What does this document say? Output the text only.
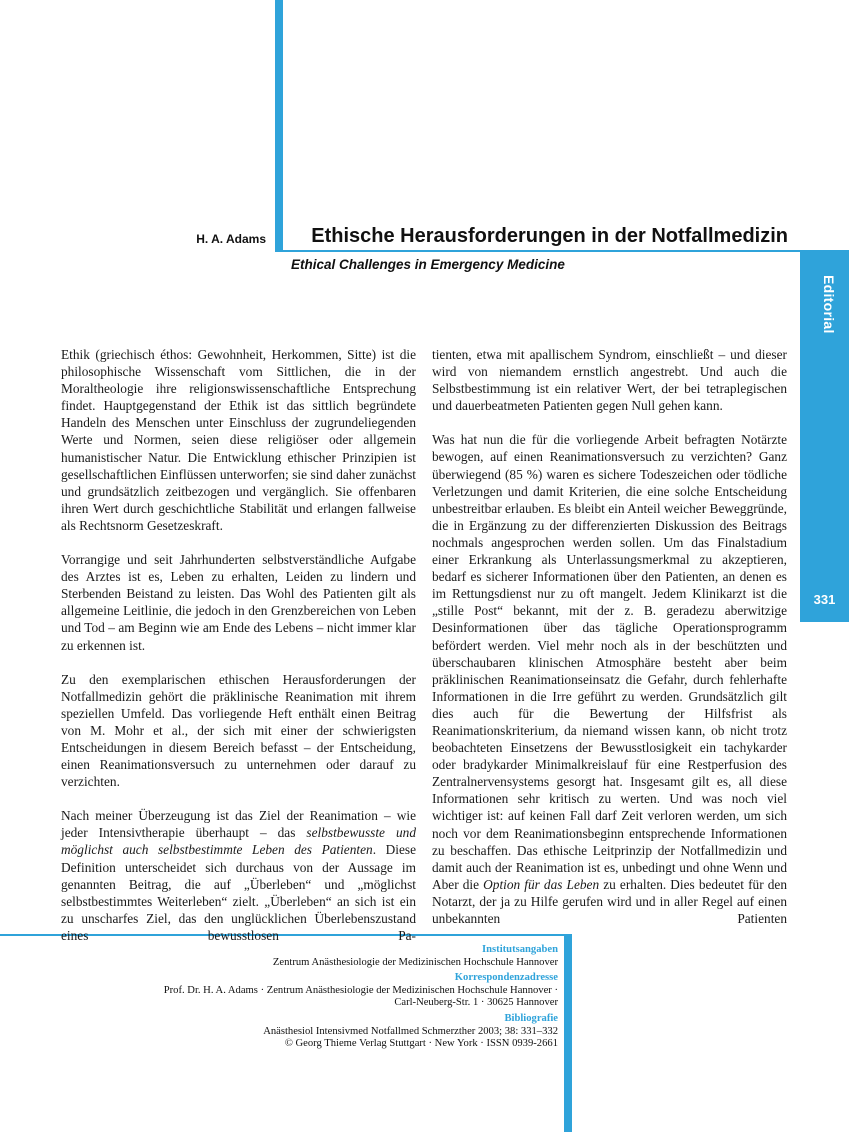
H. A. Adams Ethische Herausforderungen in der Notfallmedizin
Ethical Challenges in Emergency Medicine
Editorial
331

Ethik (griechisch éthos: Gewohnheit, Herkommen, Sitte) ist die philosophische Wissenschaft vom Sittlichen, die in der Moraltheologie ihre religionswissenschaftliche Entsprechung findet. Hauptgegenstand der Ethik ist das sittlich begründete Handeln des Menschen unter Einschluss der zugrundeliegenden Werte und Normen, seien diese religiöser oder allgemein humanistischer Natur. Die Entwicklung ethischer Prinzipien ist gesellschaftlichen Einflüssen unterworfen; sie sind daher zunächst und grundsätzlich zeitbezogen und vergänglich. Sie offenbaren ihren Wert durch geschichtliche Stabilität und erlangen fallweise als Rechtsnorm Gesetzeskraft.

Vorrangige und seit Jahrhunderten selbstverständliche Aufgabe des Arztes ist es, Leben zu erhalten, Leiden zu lindern und Sterbenden Beistand zu leisten. Das Wohl des Patienten gilt als allgemeine Leitlinie, die jedoch in den Grenzbereichen von Leben und Tod – am Beginn wie am Ende des Lebens – nicht immer klar zu erkennen ist.

Zu den exemplarischen ethischen Herausforderungen der Notfallmedizin gehört die präklinische Reanimation mit ihrem speziellen Umfeld. Das vorliegende Heft enthält einen Beitrag von M. Mohr et al., der sich mit einer der schwierigsten Entscheidungen in diesem Bereich befasst – der Entscheidung, einen Reanimationsversuch zu unternehmen oder darauf zu verzichten.

Nach meiner Überzeugung ist das Ziel der Reanimation – wie jeder Intensivtherapie überhaupt – das selbstbewusste und möglichst auch selbstbestimmte Leben des Patienten. Diese Definition unterscheidet sich durchaus von der Aussage im genannten Beitrag, die auf „Überleben“ und „möglichst selbstbestimmtes Weiterleben“ zielt. „Überleben“ an sich ist ein zu unscharfes Ziel, das den unglücklichen Überlebenszustand eines bewusstlosen Pa-

tienten, etwa mit apallischem Syndrom, einschließt – und dieser wird von niemandem ernstlich angestrebt. Und auch die Selbstbestimmung ist ein relativer Wert, der bei tetraplegischen und dauerbeatmeten Patienten gegen Null gehen kann.

Was hat nun die für die vorliegende Arbeit befragten Notärzte bewogen, auf einen Reanimationsversuch zu verzichten? Ganz überwiegend (85 %) waren es sichere Todeszeichen oder tödliche Verletzungen und damit Kriterien, die eine solche Entscheidung unbestreitbar erlauben. Es bleibt ein Anteil weicher Beweggründe, die in Ergänzung zu der differenzierten Diskussion des Beitrags nochmals angesprochen werden sollen. Um das Finalstadium einer Erkrankung als Unterlassungsmerkmal zu akzeptieren, bedarf es sicherer Informationen über den Patienten, an denen es im Rettungsdienst nur zu oft mangelt. Jedem Klinikarzt ist die „stille Post“ bekannt, mit der z. B. geradezu aberwitzige Desinformationen über das tägliche Operationsprogramm befördert werden. Viel mehr noch als in der beschützten und überschaubaren klinischen Atmosphäre besteht aber beim präklinischen Reanimationseinsatz die Gefahr, durch fehlerhafte Informationen in die Irre geführt zu werden. Grundsätzlich gilt dies auch für die Bewertung der Hilfsfrist als Reanimationskriterium, da niemand wissen kann, ob nicht trotz beobachteten Einsetzens der Bewusstlosigkeit ein tachykarder oder bradykarder Minimalkreislauf für eine Restperfusion des Zentralnervensystems gesorgt hat. Insgesamt gilt es, all diese Informationen sehr kritisch zu werten. Und was noch viel wichtiger ist: auf keinen Fall darf Zeit verloren werden, um sich noch vor dem Reanimationsbeginn entsprechende Informationen zu beschaffen. Das ethische Leitprinzip der Notfallmedizin und damit auch der Reanimation ist es, unbedingt und ohne Wenn und Aber die Option für das Leben zu erhalten. Dies bedeutet für den Notarzt, der ja zu Hilfe gerufen wird und in aller Regel auf einen unbekannten Patienten

Institutsangaben
Zentrum Anästhesiologie der Medizinischen Hochschule Hannover
Korrespondenzadresse
Prof. Dr. H. A. Adams · Zentrum Anästhesiologie der Medizinischen Hochschule Hannover ·
Carl-Neuberg-Str. 1 · 30625 Hannover
Bibliografie
Anästhesiol Intensivmed Notfallmed Schmerzther 2003; 38: 331–332
© Georg Thieme Verlag Stuttgart · New York · ISSN 0939-2661
